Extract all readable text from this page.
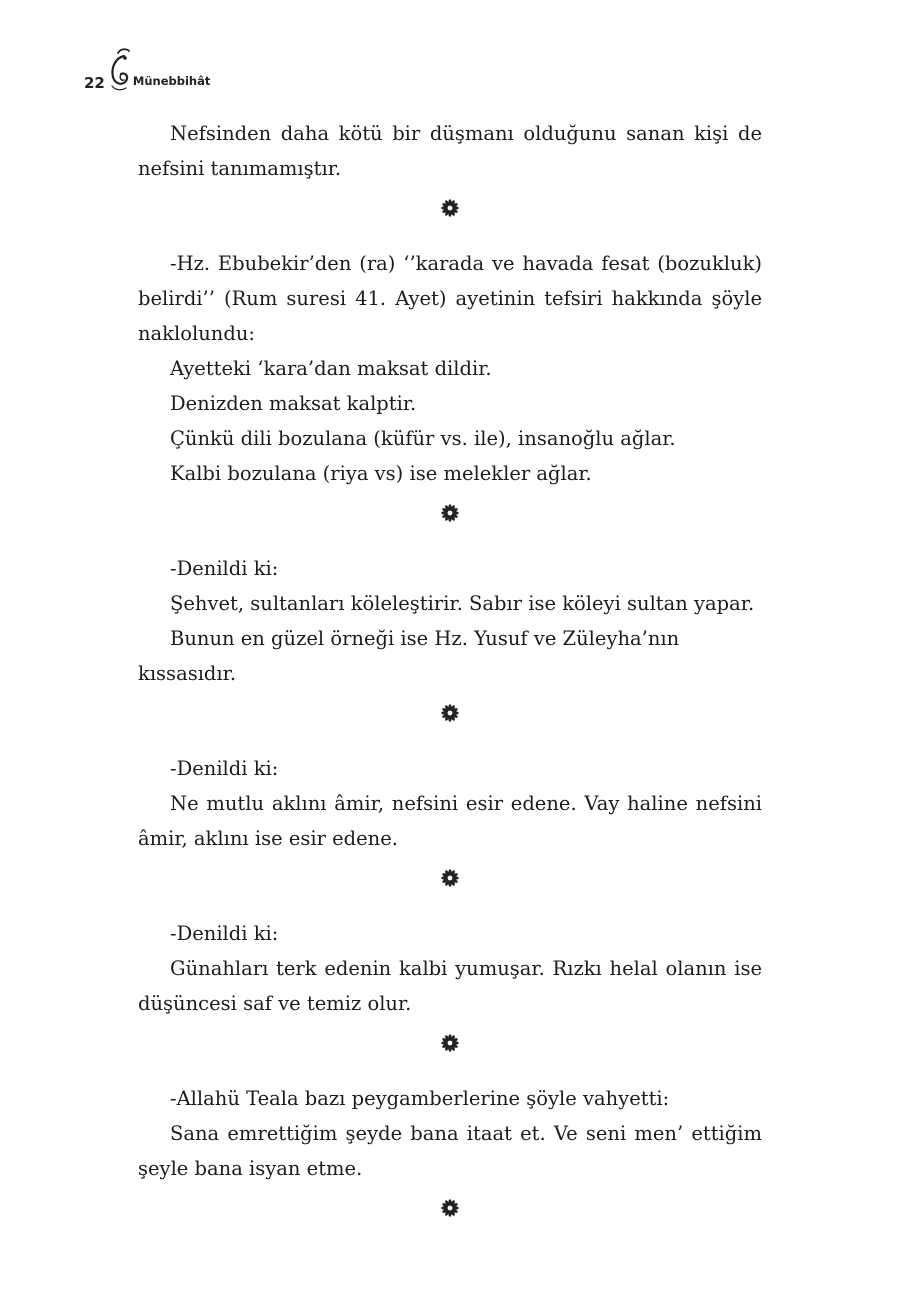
22 Münebbihât

Nefsinden daha kötü bir düşmanı olduğunu sanan kişi de nefsini tanımamıştır.

-Hz. Ebubekir’den (ra) ‘’karada ve havada fesat (bozukluk) belirdi’’ (Rum suresi 41. Ayet) ayetinin tefsiri hakkında şöyle naklolundu:

Ayetteki ‘kara’dan maksat dildir.

Denizden maksat kalptir.

Çünkü dili bozulana (küfür vs. ile), insanoğlu ağlar.

Kalbi bozulana (riya vs) ise melekler ağlar.

-Denildi ki:

Şehvet, sultanları köleleştirir. Sabır ise köleyi sultan yapar.

Bunun en güzel örneği ise Hz. Yusuf ve Züleyha’nın kıssasıdır.

-Denildi ki:

Ne mutlu aklını âmir, nefsini esir edene. Vay haline nefsini âmir, aklını ise esir edene.

-Denildi ki:

Günahları terk edenin kalbi yumuşar. Rızkı helal olanın ise düşüncesi saf ve temiz olur.

-Allahü Teala bazı peygamberlerine şöyle vahyetti:

Sana emrettiğim şeyde bana itaat et. Ve seni men’ ettiğim şeyle bana isyan etme.
